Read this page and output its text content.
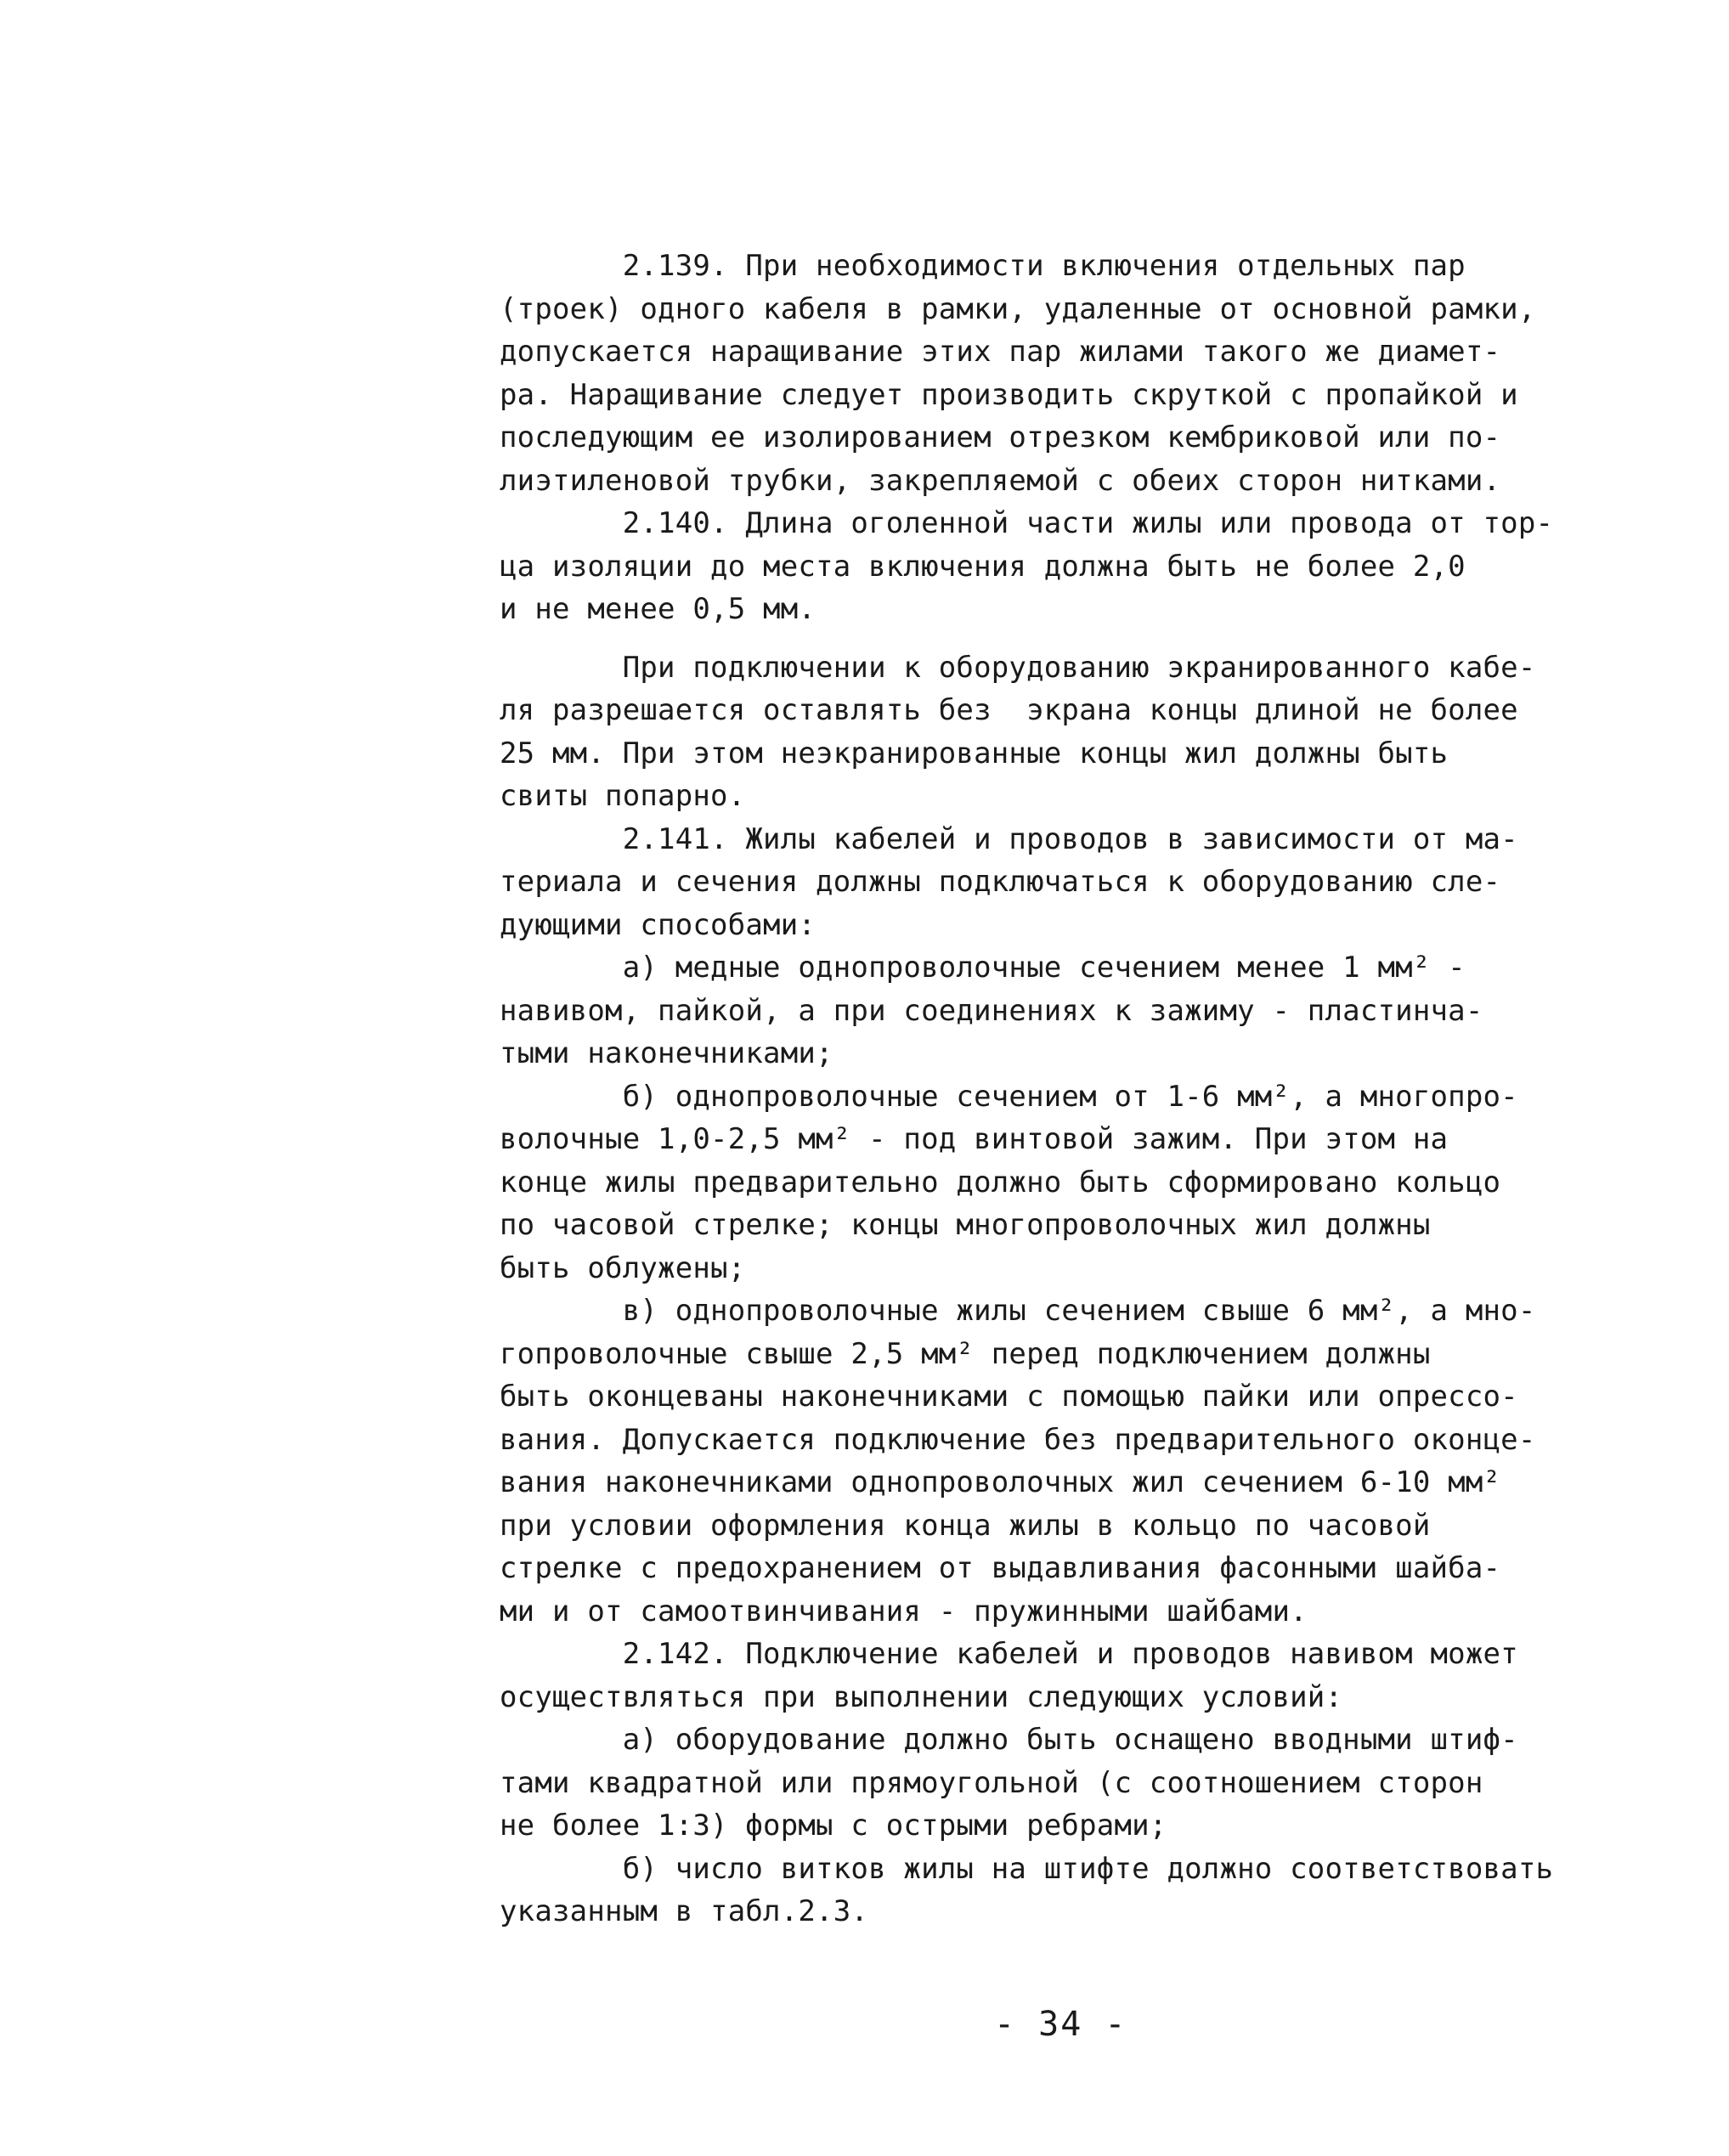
2.139. При необходимости включения отдельных пар
(троек) одного кабеля в рамки, удаленные от основной рамки,
допускается наращивание этих пар жилами такого же диамет-
ра. Наращивание следует производить скруткой с пропайкой и
последующим ее изолированием отрезком кембриковой или по-
лиэтиленовой трубки, закрепляемой с обеих сторон нитками.
2.140. Длина оголенной части жилы или провода от тор-
ца изоляции до места включения должна быть не более 2,0
и не менее 0,5 мм.
При подключении к оборудованию экранированного кабе-
ля разрешается оставлять без  экрана концы длиной не более
25 мм. При этом неэкранированные концы жил должны быть
свиты попарно.
2.141. Жилы кабелей и проводов в зависимости от ма-
териала и сечения должны подключаться к оборудованию сле-
дующими способами:
а) медные однопроволочные сечением менее 1 мм² -
навивом, пайкой, а при соединениях к зажиму - пластинча-
тыми наконечниками;
б) однопроволочные сечением от 1-6 мм², а многопро-
волочные 1,0-2,5 мм² - под винтовой зажим. При этом на
конце жилы предварительно должно быть сформировано кольцо
по часовой стрелке; концы многопроволочных жил должны
быть облужены;
в) однопроволочные жилы сечением свыше 6 мм², а мно-
гопроволочные свыше 2,5 мм² перед подключением должны
быть оконцеваны наконечниками с помощью пайки или опрессо-
вания. Допускается подключение без предварительного оконце-
вания наконечниками однопроволочных жил сечением 6-10 мм²
при условии оформления конца жилы в кольцо по часовой
стрелке с предохранением от выдавливания фасонными шайба-
ми и от самоотвинчивания - пружинными шайбами.
2.142. Подключение кабелей и проводов навивом может
осуществляться при выполнении следующих условий:
а) оборудование должно быть оснащено вводными штиф-
тами квадратной или прямоугольной (с соотношением сторон
не более 1:3) формы с острыми ребрами;
б) число витков жилы на штифте должно соответствовать
указанным в табл.2.3.
- 34 -
